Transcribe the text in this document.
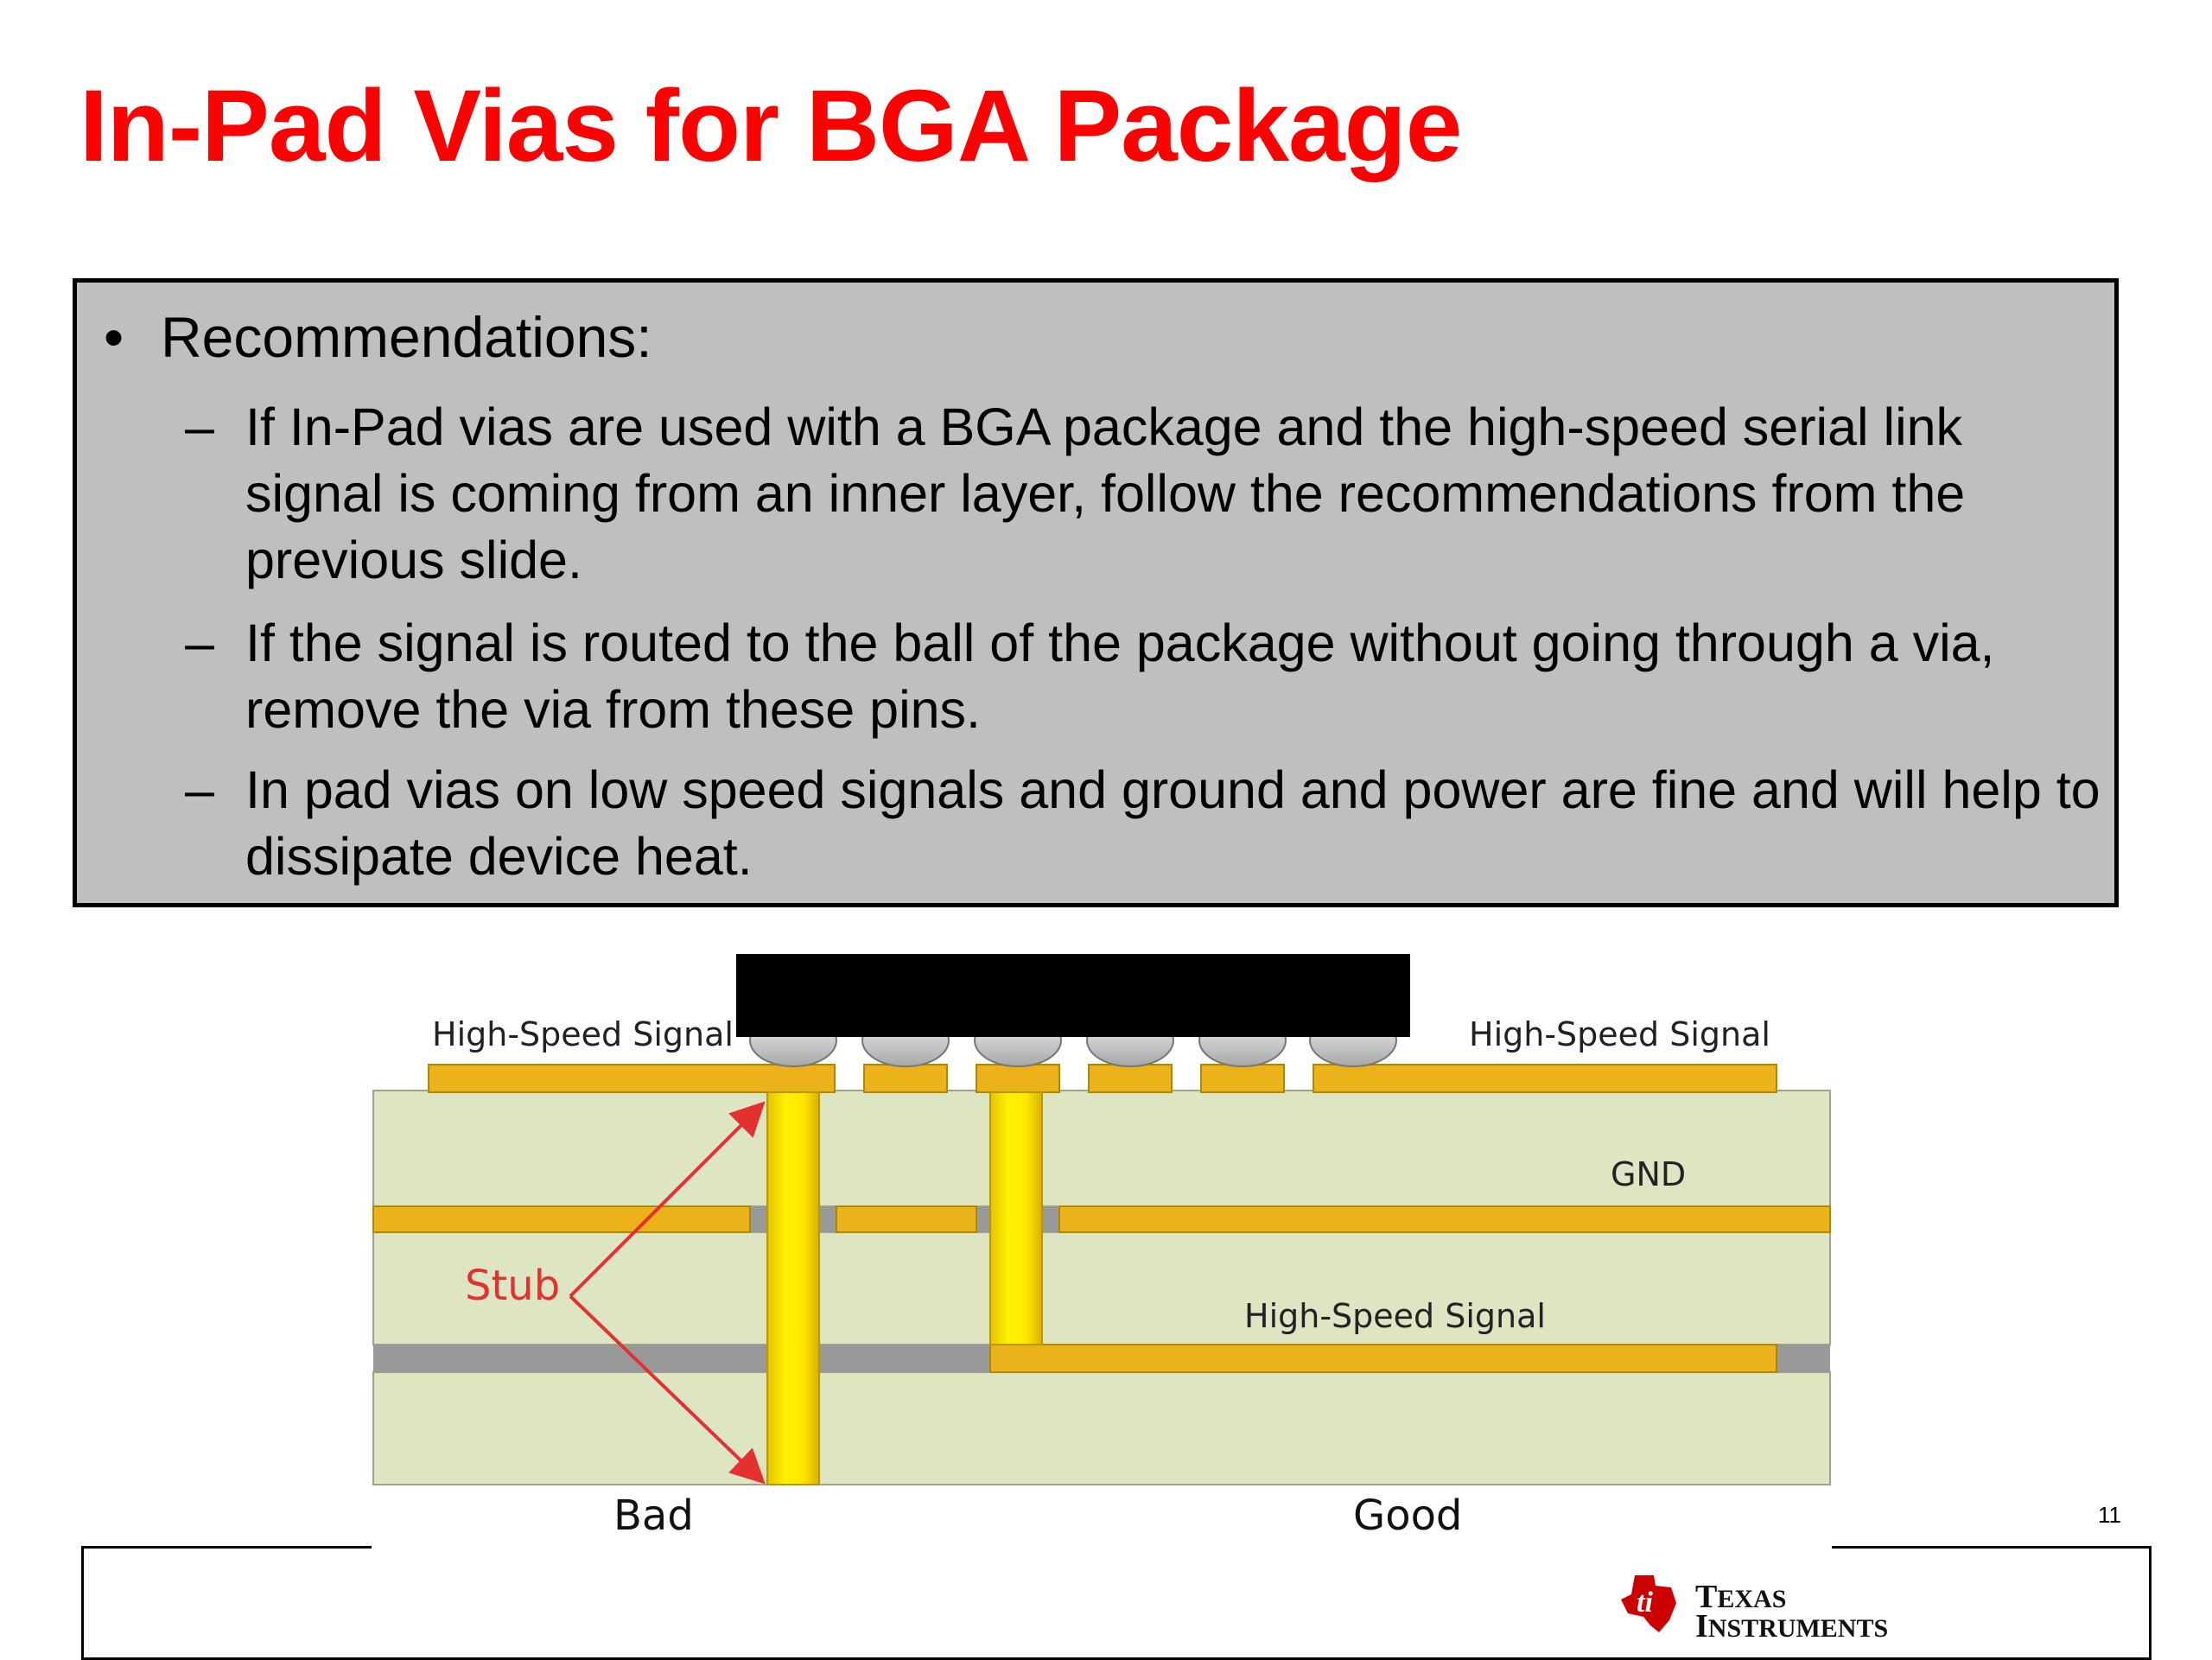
In-Pad Vias for BGA Package
• Recommendations:
– If In-Pad vias are used with a BGA package and the high-speed serial link signal is coming from an inner layer, follow the recommendations from the previous slide.
– If the signal is routed to the ball of the package without going through a via, remove the via from these pins.
– In pad vias on low speed signals and ground and power are fine and will help to dissipate device heat.
High-Speed Signal	High-Speed Signal
GND
High-Speed Signal
Stub
Bad	Good	11
ti TEXAS
INSTRUMENTS
